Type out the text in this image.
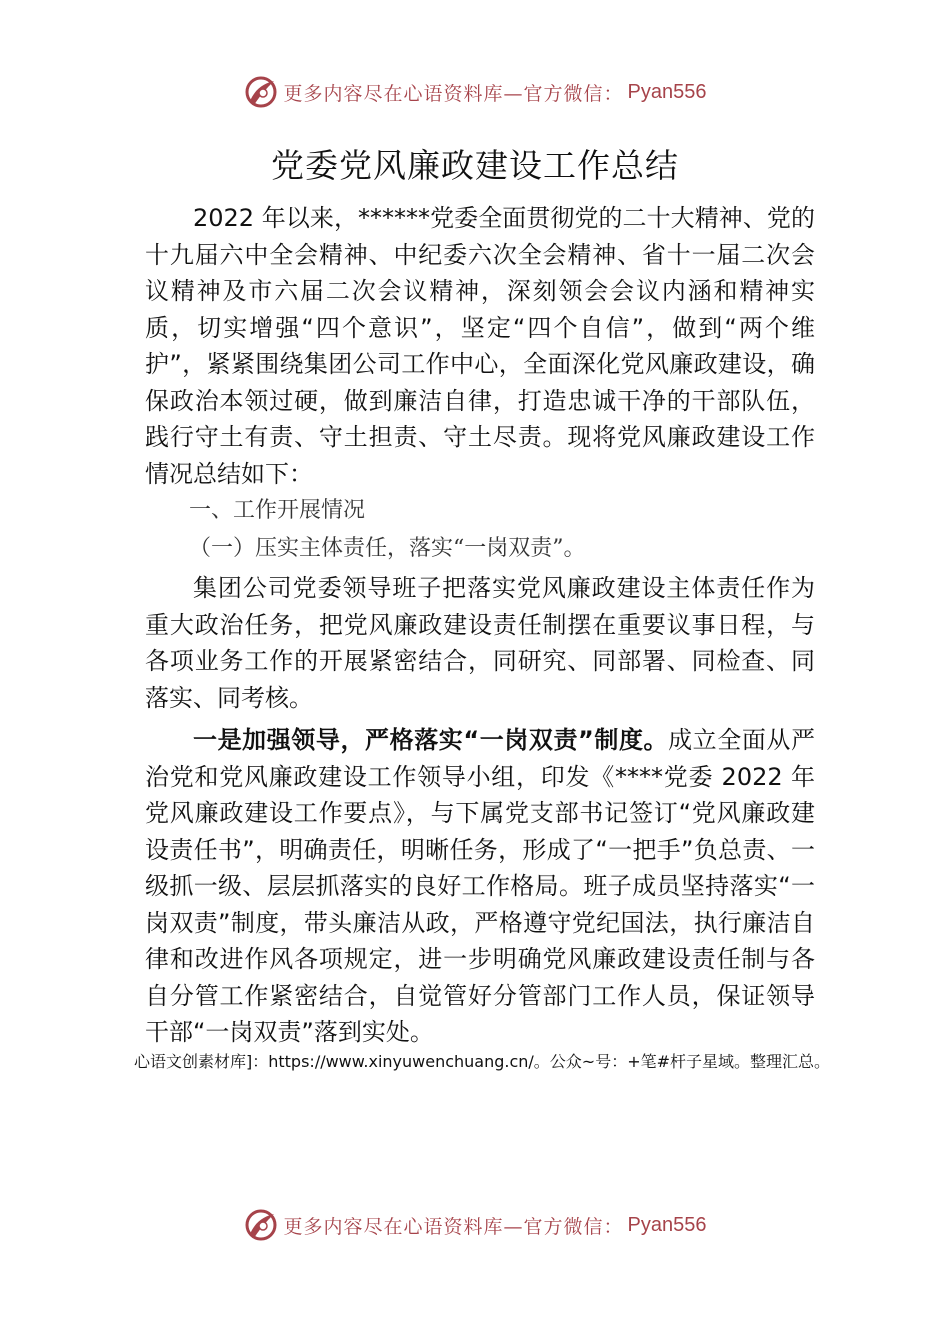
更多内容尽在心语资料库—官方微信： Pyan556
党委党风廉政建设工作总结

2022 年以来，******党委全面贯彻党的二十大精神、党的十九届六中全会精神、中纪委六次全会精神、省十一届二次会议精神及市六届二次会议精神，深刻领会会议内涵和精神实质，切实增强“四个意识”，坚定“四个自信”，做到“两个维护”，紧紧围绕集团公司工作中心，全面深化党风廉政建设，确保政治本领过硬，做到廉洁自律，打造忠诚干净的干部队伍，践行守土有责、守土担责、守土尽责。现将党风廉政建设工作情况总结如下：

一、工作开展情况

（一）压实主体责任，落实“一岗双责”。

集团公司党委领导班子把落实党风廉政建设主体责任作为重大政治任务，把党风廉政建设责任制摆在重要议事日程，与各项业务工作的开展紧密结合，同研究、同部署、同检查、同落实、同考核。

一是加强领导，严格落实“一岗双责”制度。成立全面从严治党和党风廉政建设工作领导小组，印发《****党委 2022 年党风廉政建设工作要点》，与下属党支部书记签订“党风廉政建设责任书”，明确责任，明晰任务，形成了“一把手”负总责、一级抓一级、层层抓落实的良好工作格局。班子成员坚持落实“一岗双责”制度，带头廉洁从政，严格遵守党纪国法，执行廉洁自律和改进作风各项规定，进一步明确党风廉政建设责任制与各自分管工作紧密结合，自觉管好分管部门工作人员，保证领导干部“一岗双责”落到实处。

心语文创素材库]：https://www.xinyuwenchuang.cn/。公众~号：+笔#杆子星域。整理汇总。
更多内容尽在心语资料库—官方微信： Pyan556
